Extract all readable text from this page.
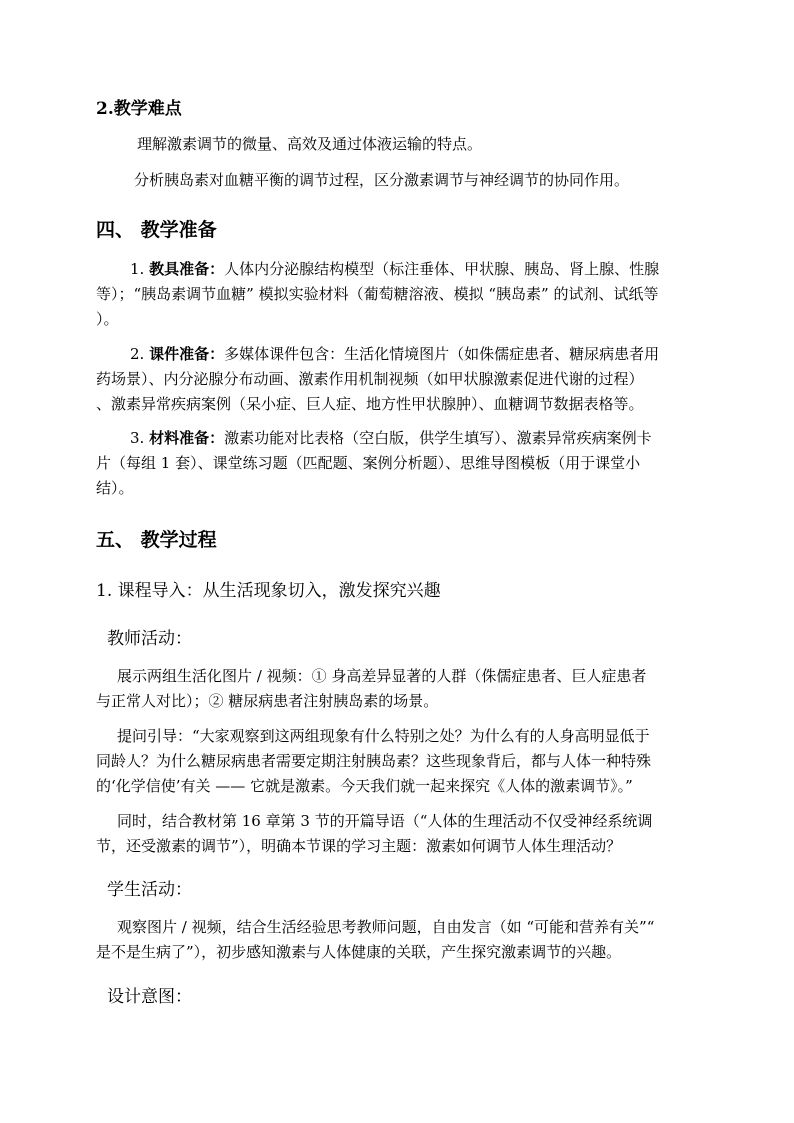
2.教学难点
理解激素调节的微量、高效及通过体液运输的特点。
分析胰岛素对血糖平衡的调节过程，区分激素调节与神经调节的协同作用。
四、 教学准备
1. 教具准备：人体内分泌腺结构模型（标注垂体、甲状腺、胰岛、肾上腺、性腺
等）；“胰岛素调节血糖” 模拟实验材料（葡萄糖溶液、模拟 “胰岛素” 的试剂、试纸等
）。
2. 课件准备：多媒体课件包含：生活化情境图片（如侏儒症患者、糖尿病患者用
药场景）、内分泌腺分布动画、激素作用机制视频（如甲状腺激素促进代谢的过程）
、激素异常疾病案例（呆小症、巨人症、地方性甲状腺肿）、血糖调节数据表格等。
3. 材料准备：激素功能对比表格（空白版，供学生填写）、激素异常疾病案例卡
片（每组 1 套）、课堂练习题（匹配题、案例分析题）、思维导图模板（用于课堂小
结）。
五、 教学过程
1. 课程导入：从生活现象切入，激发探究兴趣
教师活动：
展示两组生活化图片 / 视频：① 身高差异显著的人群（侏儒症患者、巨人症患者
与正常人对比）；② 糖尿病患者注射胰岛素的场景。
提问引导：“大家观察到这两组现象有什么特别之处？为什么有的人身高明显低于
同龄人？为什么糖尿病患者需要定期注射胰岛素？这些现象背后，都与人体一种特殊
的‘化学信使’有关 —— 它就是激素。今天我们就一起来探究《人体的激素调节》。”
同时，结合教材第 16 章第 3 节的开篇导语（“人体的生理活动不仅受神经系统调
节，还受激素的调节”），明确本节课的学习主题：激素如何调节人体生理活动？
学生活动：
观察图片 / 视频，结合生活经验思考教师问题，自由发言（如 “可能和营养有关”“
是不是生病了”），初步感知激素与人体健康的关联，产生探究激素调节的兴趣。
设计意图：
